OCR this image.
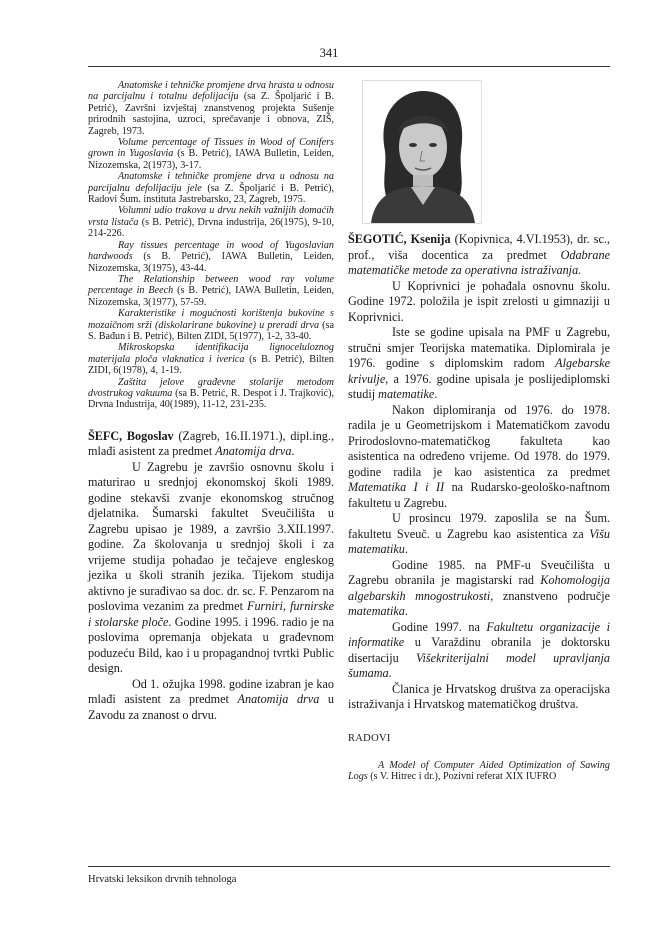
341

Anatomske i tehničke promjene drva hrasta u odnosu na parcijalnu i totalnu defolijaciju (sa Z. Špoljarić i B. Petrić), Završni izvještaj znanstvenog projekta Sušenje prirodnih sastojina, uzroci, sprečavanje i obnova, ZIŠ, Zagreb, 1973.

Volume percentage of Tissues in Wood of Conifers grown in Yugoslavia (s B. Petrić), IAWA Bulletin, Leiden, Nizozemska, 2(1973), 3-17.

Anatomske i tehničke promjene drva u odnosu na parcijalnu defolijaciju jele (sa Z. Špoljarić i B. Petrić), Radovi Šum. instituta Jastrebarsko, 23, Zagreb, 1975.

Volumni udio trakova u drvu nekih važnijih domaćih vrsta listača (s B. Petrić), Drvna industrija, 26(1975), 9-10, 214-226.

Ray tissues percentage in wood of Yugoslavian hardwoods (s B. Petrić), IAWA Bulletin, Leiden, Nizozemska, 3(1975), 43-44.

The Relationship between wood ray volume percentage in Beech (s B. Petrić), IAWA Bulletin, Leiden, Nizozemska, 3(1977), 57-59.

Karakteristike i mogućnosti korištenja bukovine s mozaičnom srži (diskolarirane bukovine) u preradi drva (sa S. Bađun i B. Petrić), Bilten ZIDI, 5(1977), 1-2, 33-40.

Mikroskopska identifikacija lignoceluloznog materijala ploča vlaknatica i iverica (s B. Petrić), Bilten ZIDI, 6(1978), 4, 1-19.

Zaštita jelove građevne stolarije metodom dvostrukog vakuuma (sa B. Petrić, R. Despot i J. Trajković), Drvna Industrija, 40(1989), 11-12, 231-235.

ŠEFC, Bogoslav (Zagreb, 16.II.1971.), dipl.ing., mlađi asistent za predmet Anatomija drva.

U Zagrebu je završio osnovnu školu i maturirao u srednjoj ekonomskoj školi 1989. godine stekavši zvanje ekonomskog stručnog djelatnika. Šumarski fakultet Sveučilišta u Zagrebu upisao je 1989, a završio 3.XII.1997. godine. Za školovanja u srednjoj školi i za vrijeme studija pohađao je tečajeve engleskog jezika u školi stranih jezika. Tijekom studija aktivno je surađivao sa doc. dr. sc. F. Penzarom na poslovima vezanim za predmet Furniri, furnirske i stolarske ploče. Godine 1995. i 1996. radio je na poslovima opremanja objekata u građevnom poduzeću Bild, kao i u propagandnoj tvrtki Public design.

Od 1. ožujka 1998. godine izabran je kao mlađi asistent za predmet Anatomija drva u Zavodu za znanost o drvu.

ŠEGOTIĆ, Ksenija (Kopivnica, 4.VI.1953), dr. sc., prof., viša docentica za predmet Odabrane matematičke metode za operativna istraživanja.

U Koprivnici je pohađala osnovnu školu. Godine 1972. položila je ispit zrelosti u gimnaziji u Koprivnici.

Iste se godine upisala na PMF u Zagrebu, stručni smjer Teorijska matematika. Diplomirala je 1976. godine s diplomskim radom Algebarske krivulje, a 1976. godine upisala je poslijediplomski studij matematike.

Nakon diplomiranja od 1976. do 1978. radila je u Geometrijskom i Matematičkom zavodu Prirodoslovno-matematičkog fakulteta kao asistentica na određeno vrijeme. Od 1978. do 1979. godine radila je kao asistentica za predmet Matematika I i II na Rudarsko-geološko-naftnom fakultetu u Zagrebu.

U prosincu 1979. zaposlila se na Šum. fakultetu Sveuč. u Zagrebu kao asistentica za Višu matematiku.

Godine 1985. na PMF-u Sveučilišta u Zagrebu obranila je magistarski rad Kohomologija algebarskih mnogostrukosti, znanstveno područje matematika.

Godine 1997. na Fakultetu organizacije i informatike u Varaždinu obranila je doktorsku disertaciju Višekriterijalni model upravljanja šumama.

Članica je Hrvatskog društva za operacijska istraživanja i Hrvatskog matematičkog društva.

RADOVI

A Model of Computer Aided Optimization of Sawing Logs (s V. Hitrec i dr.), Pozivni referat XIX IUFRO

Hrvatski leksikon drvnih tehnologa
